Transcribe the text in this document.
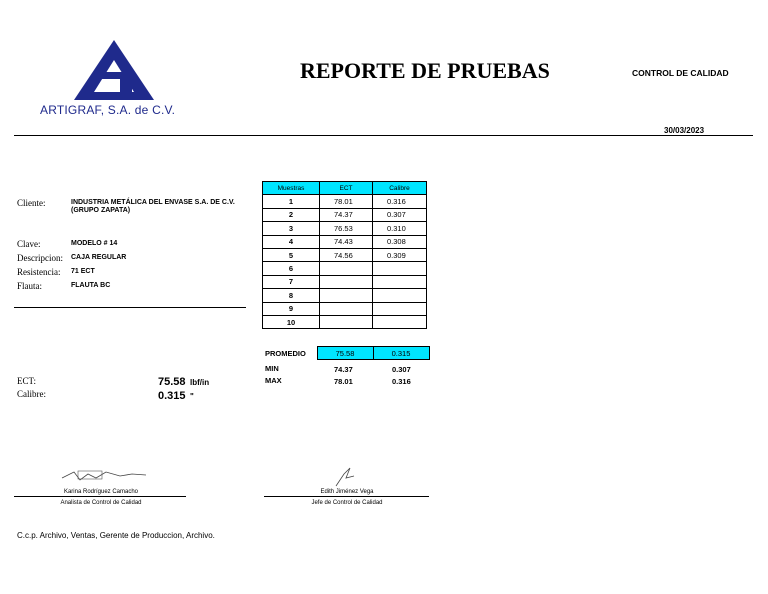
ARTIGRAF, S.A. de C.V.
REPORTE DE PRUEBAS	CONTROL DE CALIDAD
30/03/2023
Cliente:	INDUSTRIA METÁLICA DEL ENVASE S.A. DE C.V.
(GRUPO ZAPATA)
Clave:	MODELO # 14
Descripcion: CAJA REGULAR
Resistencia: 71 ECT
Flauta:	FLAUTA BC
Muestras	ECT	Calibre
1	78.01	0.316
2	74.37	0.307
3	76.53	0.310
4	74.43	0.308
5	74.56	0.309
6		
7		
8		
9		
10		
PROMEDIO	75.58	0.315
MIN	74.37	0.307
MAX	78.01	0.316
ECT:	75.58 lbf/in
Calibre:	0.315 "
Karina Rodríguez Camacho
Analista de Control de Calidad
Edith Jiménez Vega
Jefe de Control de Calidad
C.c.p. Archivo, Ventas, Gerente de Produccion, Archivo.
